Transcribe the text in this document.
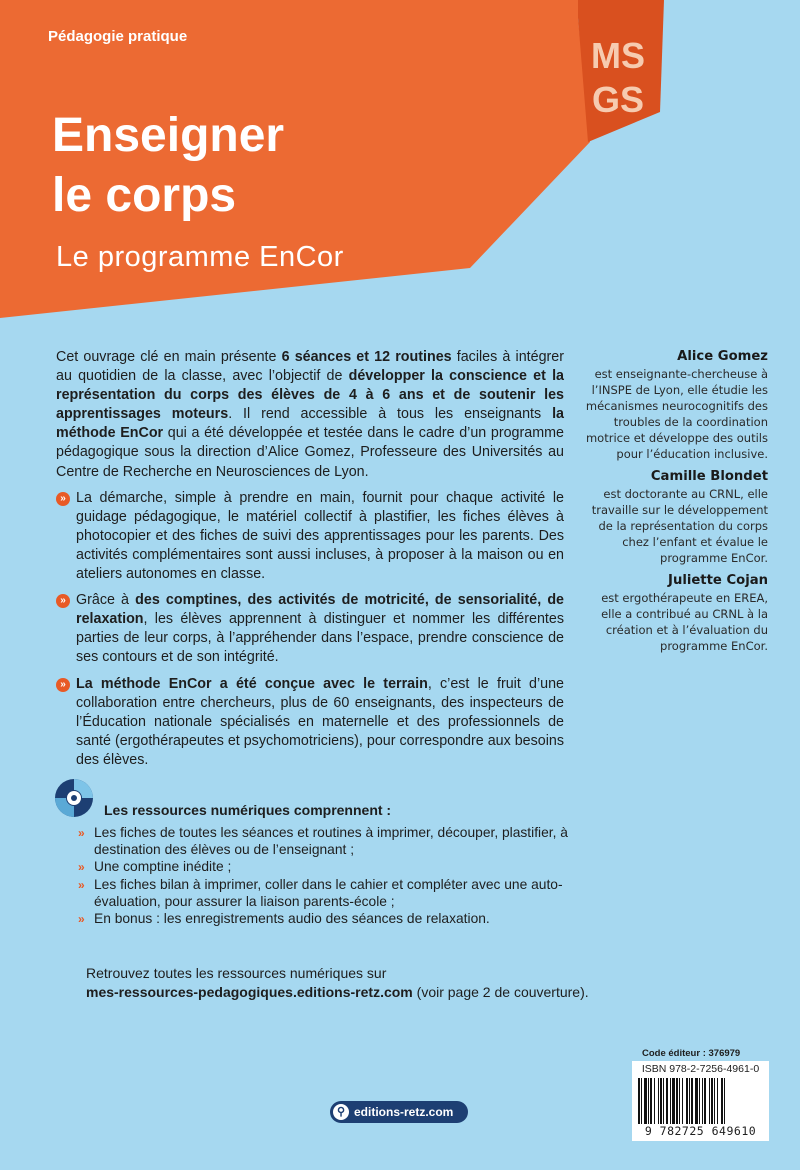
Pédagogie pratique	MS
GS
Enseigner
le corps
Le programme EnCor

Cet ouvrage clé en main présente 6 séances et 12 routines faciles à intégrer au quotidien de la classe, avec l’objectif de développer la conscience et la représentation du corps des élèves de 4 à 6 ans et de soutenir les apprentissages moteurs. Il rend accessible à tous les enseignants la méthode EnCor qui a été développée et testée dans le cadre d’un programme pédagogique sous la direction d’Alice Gomez, Professeure des Universités au Centre de Recherche en Neurosciences de Lyon.

» La démarche, simple à prendre en main, fournit pour chaque activité le guidage pédagogique, le matériel collectif à plastifier, les fiches élèves à photocopier et des fiches de suivi des apprentissages pour les parents. Des activités complémentaires sont aussi incluses, à proposer à la maison ou en ateliers autonomes en classe.

» Grâce à des comptines, des activités de motricité, de sensorialité, de relaxation, les élèves apprennent à distinguer et nommer les différentes parties de leur corps, à l’appréhender dans l’espace, prendre conscience de ses contours et de son intégrité.

» La méthode EnCor a été conçue avec le terrain, c’est le fruit d’une collaboration entre chercheurs, plus de 60 enseignants, des inspecteurs de l’Éducation nationale spécialisés en maternelle et des professionnels de santé (ergothérapeutes et psychomotriciens), pour correspondre aux besoins des élèves.

Alice Gomez
est enseignante-chercheuse à l’INSPE de Lyon, elle étudie les mécanismes neurocognitifs des troubles de la coordination motrice et développe des outils pour l’éducation inclusive.
Camille Blondet
est doctorante au CRNL, elle travaille sur le développement de la représentation du corps chez l’enfant et évalue le programme EnCor.
Juliette Cojan
est ergothérapeute en EREA, elle a contribué au CRNL à la création et à l’évaluation du programme EnCor.
Les ressources numériques comprennent :
» Les fiches de toutes les séances et routines à imprimer, découper, plastifier, à destination des élèves ou de l’enseignant ;
» Une comptine inédite ;
» Les fiches bilan à imprimer, coller dans le cahier et compléter avec une auto-évaluation, pour assurer la liaison parents-école ;
» En bonus : les enregistrements audio des séances de relaxation.
Retrouvez toutes les ressources numériques sur
mes-ressources-pedagogiques.editions-retz.com (voir page 2 de couverture).
⚲ editions-retz.com
Code éditeur : 376979
ISBN 978-2-7256-4961-0
9 782725 649610
